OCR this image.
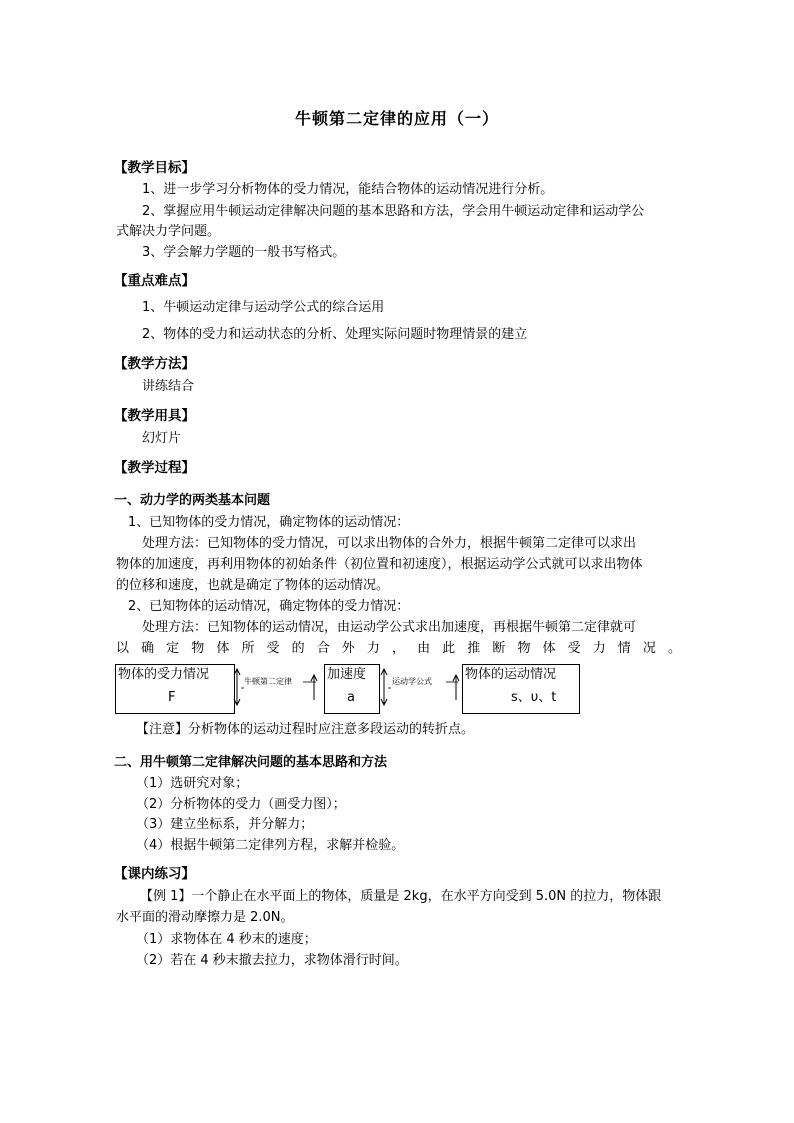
牛顿第二定律的应用（一）
【教学目标】
1、进一步学习分析物体的受力情况，能结合物体的运动情况进行分析。
2、掌握应用牛顿运动定律解决问题的基本思路和方法，学会用牛顿运动定律和运动学公
式解决力学问题。
3、学会解力学题的一般书写格式。
【重点难点】
1、牛顿运动定律与运动学公式的综合运用
2、物体的受力和运动状态的分析、处理实际问题时物理情景的建立
【教学方法】
讲练结合
【教学用具】
幻灯片
【教学过程】
一、动力学的两类基本问题
1、已知物体的受力情况，确定物体的运动情况：
处理方法：已知物体的受力情况，可以求出物体的合外力，根据牛顿第二定律可以求出
物体的加速度，再利用物体的初始条件（初位置和初速度），根据运动学公式就可以求出物体
的位移和速度，也就是确定了物体的运动情况。
2、已知物体的运动情况，确定物体的受力情况：
处理方法：已知物体的运动情况，由运动学公式求出加速度，再根据牛顿第二定律就可
以确定物体所受的合外力，由此推断物体受力情况。
物体的受力情况
F
加速度
a
物体的运动情况
s、υ、t
牛顿第二定律	运动学公式
【注意】分析物体的运动过程时应注意多段运动的转折点。
二、用牛顿第二定律解决问题的基本思路和方法
（1）选研究对象；
（2）分析物体的受力（画受力图）；
（3）建立坐标系，并分解力；
（4）根据牛顿第二定律列方程，求解并检验。
【课内练习】
【例 1】一个静止在水平面上的物体，质量是 2kg，在水平方向受到 5.0N 的拉力，物体跟
水平面的滑动摩擦力是 2.0N。
（1）求物体在 4 秒末的速度；
（2）若在 4 秒末撤去拉力，求物体滑行时间。
